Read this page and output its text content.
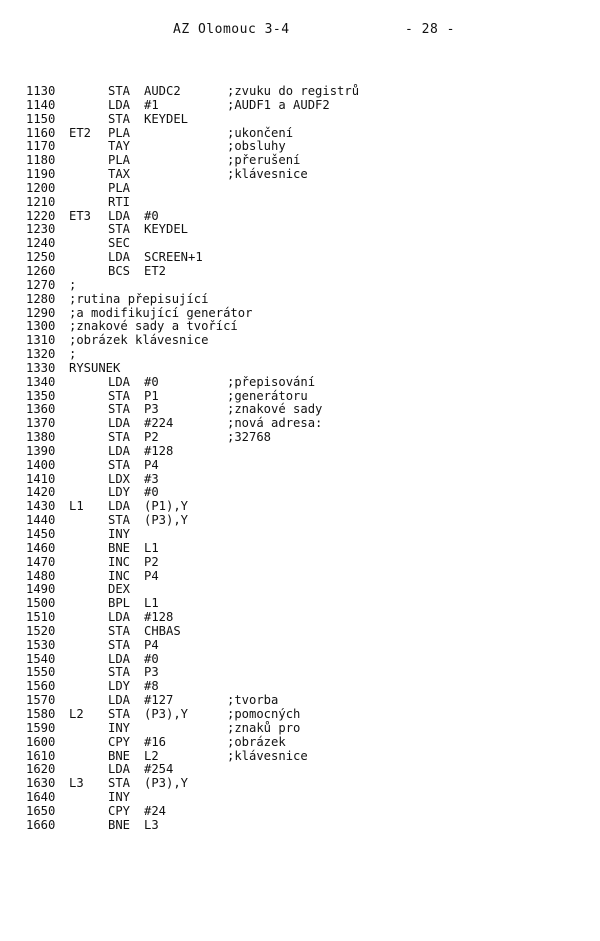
AZ Olomouc 3-4	- 28 -
1130	STA AUDC2	;zvuku do registrů
1140	LDA #1	;AUDF1 a AUDF2
1150	STA KEYDEL
1160 ET2 PLA	;ukončení
1170	TAY	;obsluhy
1180	PLA	;přerušení
1190	TAX	;klávesnice
1200	PLA
1210	RTI
1220 ET3 LDA #0
1230	STA KEYDEL
1240	SEC
1250	LDA SCREEN+1
1260	BCS ET2
1270 ;
1280 ;rutina přepisující
1290 ;a modifikující generátor
1300 ;znakové sady a tvořící
1310 ;obrázek klávesnice
1320 ;
1330 RYSUNEK
1340	LDA #0	;přepisování
1350	STA P1	;generátoru
1360	STA P3	;znakové sady
1370	LDA #224	;nová adresa:
1380	STA P2	;32768
1390	LDA #128
1400	STA P4
1410	LDX #3
1420	LDY #0
1430 L1 LDA (P1),Y
1440	STA (P3),Y
1450	INY
1460	BNE L1
1470	INC P2
1480	INC P4
1490	DEX
1500	BPL L1
1510	LDA #128
1520	STA CHBAS
1530	STA P4
1540	LDA #0
1550	STA P3
1560	LDY #8
1570	LDA #127	;tvorba
1580 L2 STA (P3),Y	;pomocných
1590	INY	;znaků pro
1600	CPY #16	;obrázek
1610	BNE L2	;klávesnice
1620	LDA #254
1630 L3 STA (P3),Y
1640	INY
1650	CPY #24
1660	BNE L3
